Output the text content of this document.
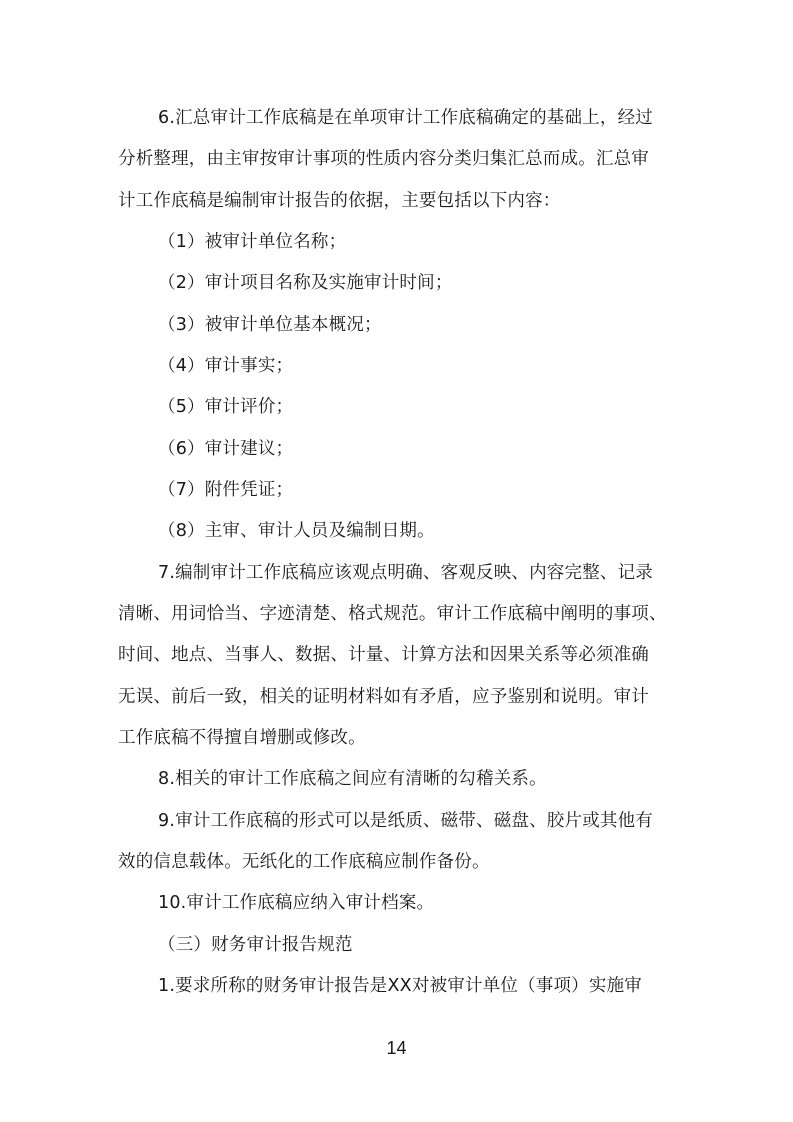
6.汇总审计工作底稿是在单项审计工作底稿确定的基础上，经过
分析整理，由主审按审计事项的性质内容分类归集汇总而成。汇总审
计工作底稿是编制审计报告的依据，主要包括以下内容：
（1）被审计单位名称；
（2）审计项目名称及实施审计时间；
（3）被审计单位基本概况；
（4）审计事实；
（5）审计评价；
（6）审计建议；
（7）附件凭证；
（8）主审、审计人员及编制日期。
7.编制审计工作底稿应该观点明确、客观反映、内容完整、记录
清晰、用词恰当、字迹清楚、格式规范。审计工作底稿中阐明的事项、
时间、地点、当事人、数据、计量、计算方法和因果关系等必须准确
无误、前后一致，相关的证明材料如有矛盾，应予鉴别和说明。审计
工作底稿不得擅自增删或修改。
8.相关的审计工作底稿之间应有清晰的勾稽关系。
9.审计工作底稿的形式可以是纸质、磁带、磁盘、胶片或其他有
效的信息载体。无纸化的工作底稿应制作备份。
10.审计工作底稿应纳入审计档案。
（三）财务审计报告规范
1.要求所称的财务审计报告是XX对被审计单位（事项）实施审
14
